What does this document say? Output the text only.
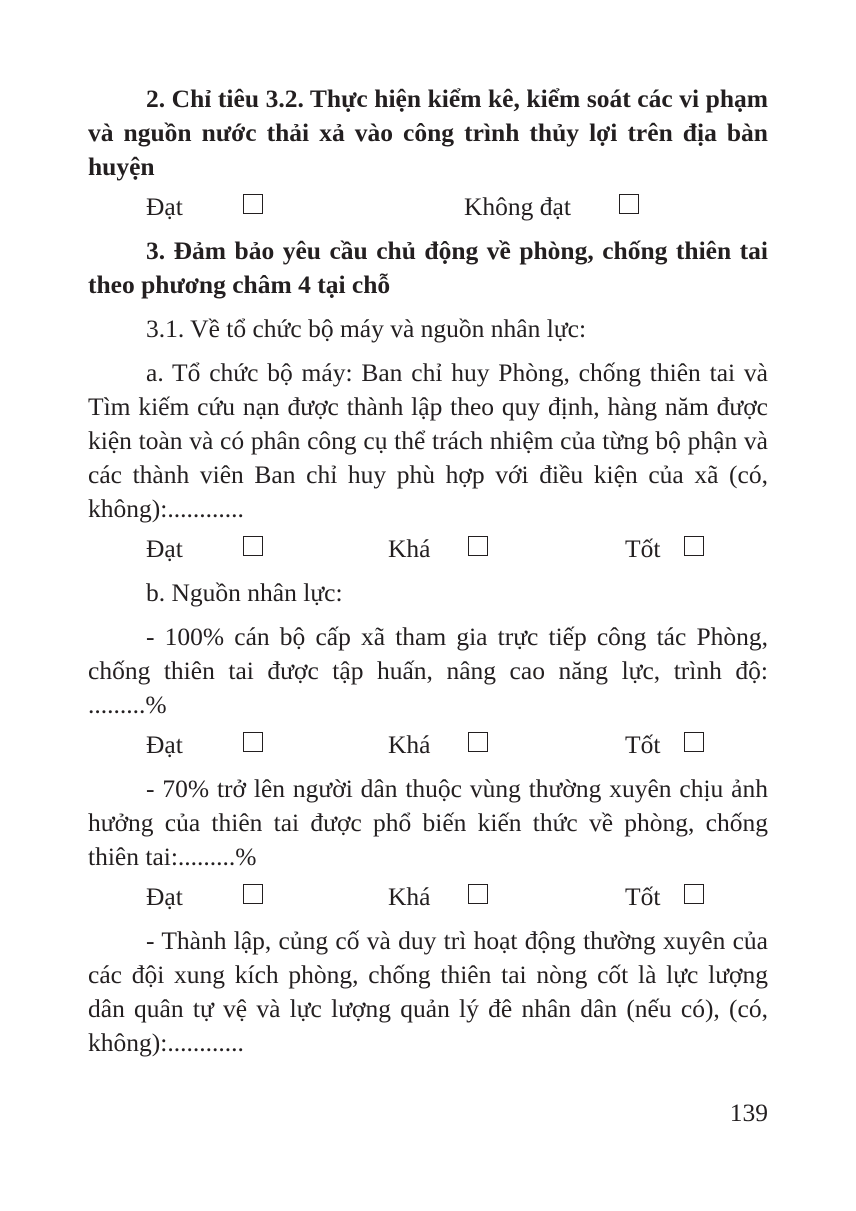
2. Chỉ tiêu 3.2. Thực hiện kiểm kê, kiểm soát các vi phạm và nguồn nước thải xả vào công trình thủy lợi trên địa bàn huyện

Đạt	Không đạt

3. Đảm bảo yêu cầu chủ động về phòng, chống thiên tai theo phương châm 4 tại chỗ

3.1. Về tổ chức bộ máy và nguồn nhân lực:

a. Tổ chức bộ máy: Ban chỉ huy Phòng, chống thiên tai và Tìm kiếm cứu nạn được thành lập theo quy định, hàng năm được kiện toàn và có phân công cụ thể trách nhiệm của từng bộ phận và các thành viên Ban chỉ huy phù hợp với điều kiện của xã (có, không):............

Đạt	Khá	Tốt

b. Nguồn nhân lực:

- 100% cán bộ cấp xã tham gia trực tiếp công tác Phòng, chống thiên tai được tập huấn, nâng cao năng lực, trình độ: .........%

Đạt	Khá	Tốt

- 70% trở lên người dân thuộc vùng thường xuyên chịu ảnh hưởng của thiên tai được phổ biến kiến thức về phòng, chống thiên tai:.........%

Đạt	Khá	Tốt

- Thành lập, củng cố và duy trì hoạt động thường xuyên của các đội xung kích phòng, chống thiên tai nòng cốt là lực lượng dân quân tự vệ và lực lượng quản lý đê nhân dân (nếu có), (có, không):............

139
